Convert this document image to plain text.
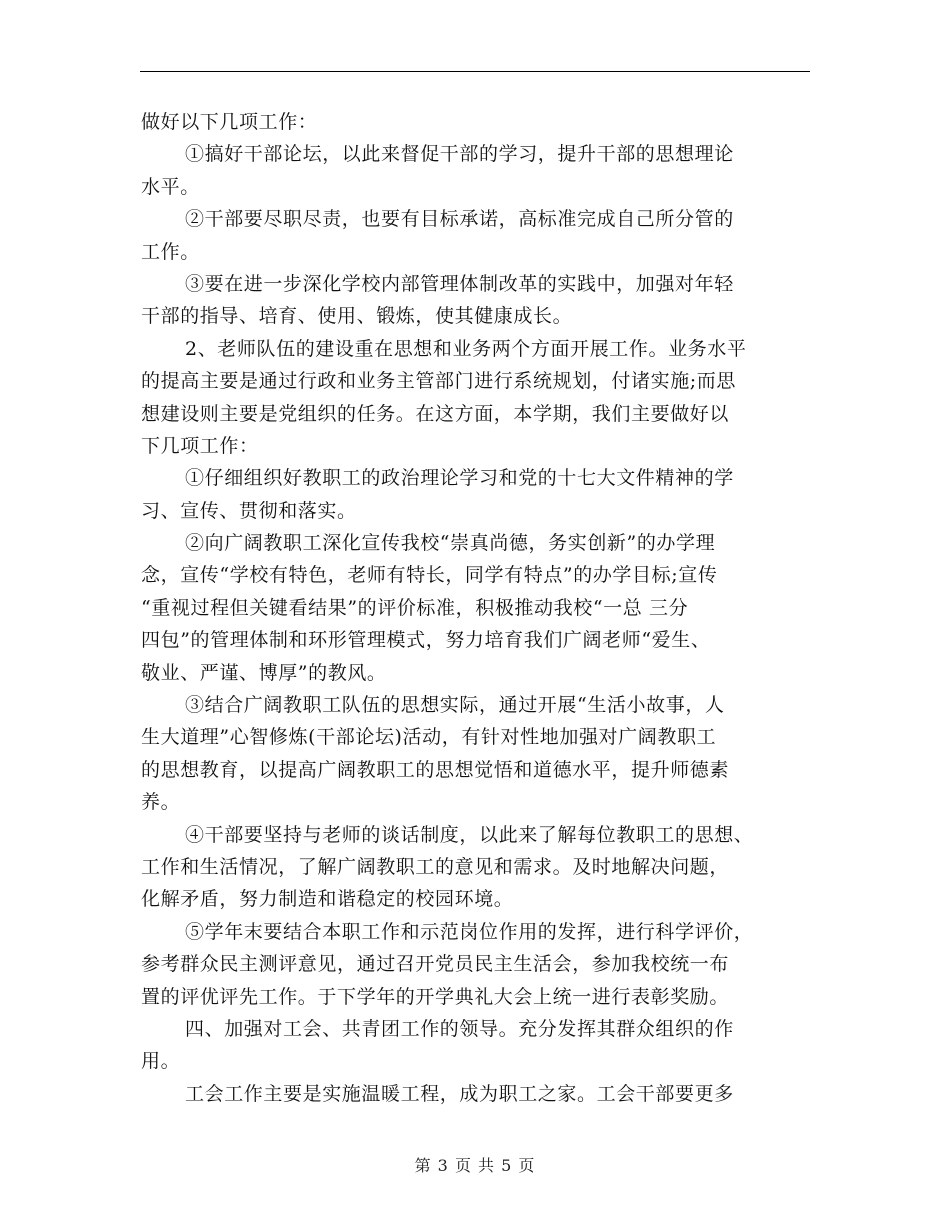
做好以下几项工作：
①搞好干部论坛，以此来督促干部的学习，提升干部的思想理论
水平。
②干部要尽职尽责，也要有目标承诺，高标准完成自己所分管的
工作。
③要在进一步深化学校内部管理体制改革的实践中，加强对年轻
干部的指导、培育、使用、锻炼，使其健康成长。
2、老师队伍的建设重在思想和业务两个方面开展工作。业务水平
的提高主要是通过行政和业务主管部门进行系统规划，付诸实施;而思
想建设则主要是党组织的任务。在这方面，本学期，我们主要做好以
下几项工作：
①仔细组织好教职工的政治理论学习和党的十七大文件精神的学
习、宣传、贯彻和落实。
②向广阔教职工深化宣传我校“崇真尚德，务实创新”的办学理
念，宣传“学校有特色，老师有特长，同学有特点”的办学目标;宣传
“重视过程但关键看结果”的评价标准，积极推动我校“一总 三分
四包”的管理体制和环形管理模式，努力培育我们广阔老师“爱生、
敬业、严谨、博厚”的教风。
③结合广阔教职工队伍的思想实际，通过开展“生活小故事，人
生大道理”心智修炼(干部论坛)活动，有针对性地加强对广阔教职工
的思想教育，以提高广阔教职工的思想觉悟和道德水平，提升师德素
养。
④干部要坚持与老师的谈话制度，以此来了解每位教职工的思想、
工作和生活情况，了解广阔教职工的意见和需求。及时地解决问题，
化解矛盾，努力制造和谐稳定的校园环境。
⑤学年末要结合本职工作和示范岗位作用的发挥，进行科学评价，
参考群众民主测评意见，通过召开党员民主生活会，参加我校统一布
置的评优评先工作。于下学年的开学典礼大会上统一进行表彰奖励。
四、加强对工会、共青团工作的领导。充分发挥其群众组织的作
用。
工会工作主要是实施温暖工程，成为职工之家。工会干部要更多
第 3 页 共 5 页
